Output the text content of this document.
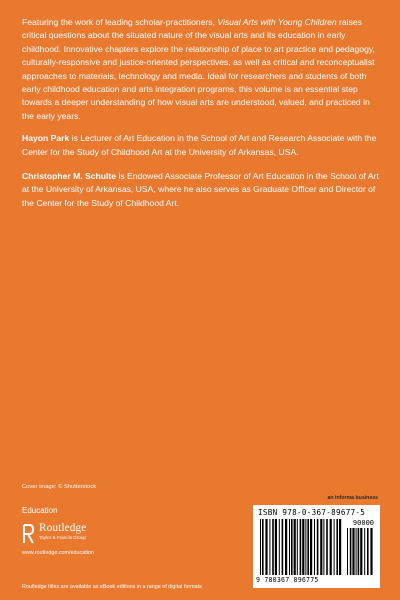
Featuring the work of leading scholar-practitioners, Visual Arts with Young Children raises critical questions about the situated nature of the visual arts and its education in early childhood. Innovative chapters explore the relationship of place to art practice and pedagogy, culturally-responsive and justice-oriented perspectives, as well as critical and reconceptualist approaches to materials, technology and media. Ideal for researchers and students of both early childhood education and arts integration programs, this volume is an essential step towards a deeper understanding of how visual arts are understood, valued, and practiced in the early years.

Hayon Park is Lecturer of Art Education in the School of Art and Research Associate with the Center for the Study of Childhood Art at the University of Arkansas, USA.

Christopher M. Schulte is Endowed Associate Professor of Art Education in the School of Art at the University of Arkansas, USA, where he also serves as Graduate Officer and Director of the Center for the Study of Childhood Art.

Cover image: © Shutterstock
Education
Routledge
Taylor & Francis Group
www.routledge.com/education
Routledge titles are available as eBook editions in a range of digital formats
an informa business
ISBN 978-0-367-89677-5
90000
9 780367 896775
